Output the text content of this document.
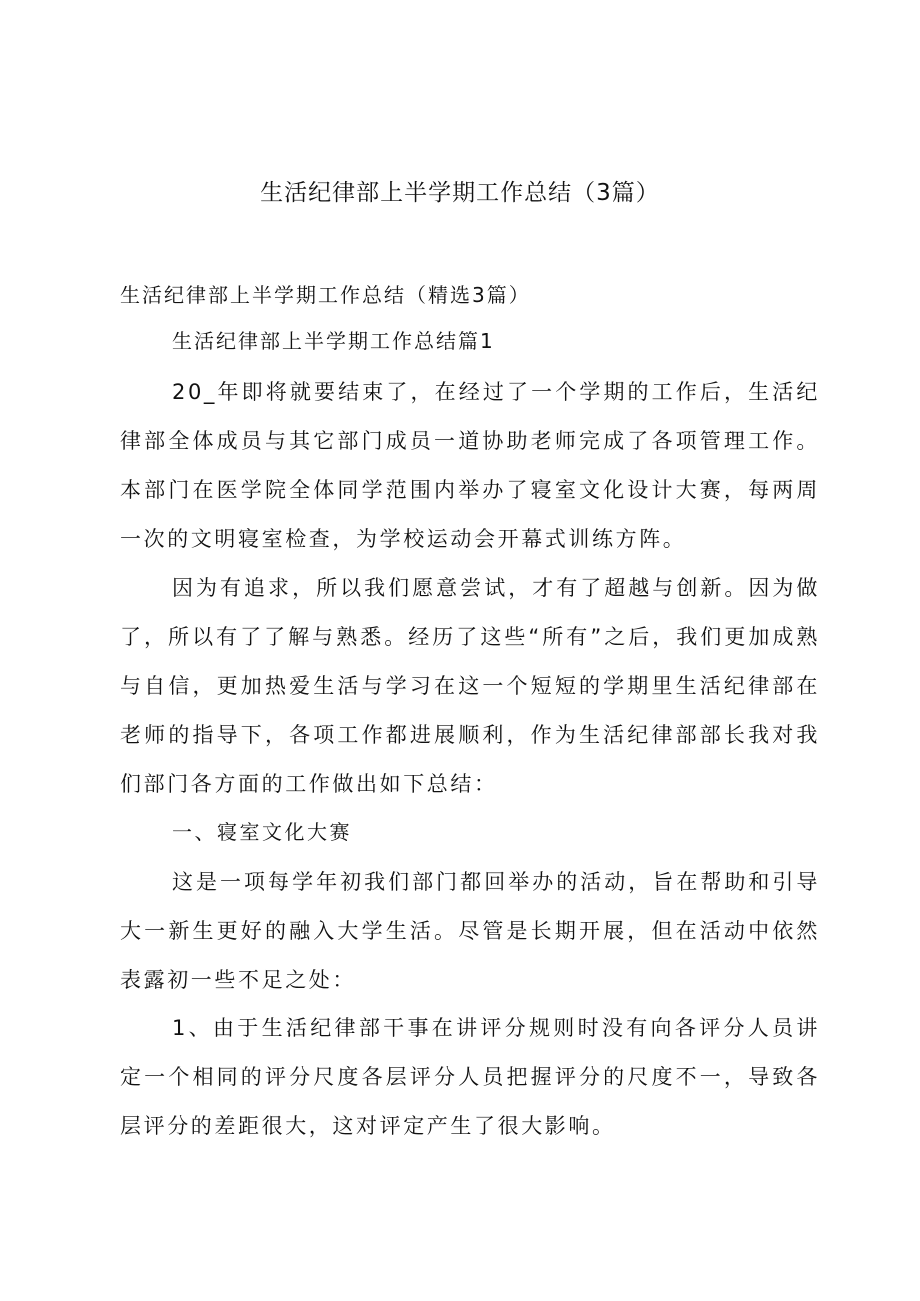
生活纪律部上半学期工作总结（3篇）
生活纪律部上半学期工作总结（精选3篇）
生活纪律部上半学期工作总结篇1

20_年即将就要结束了，在经过了一个学期的工作后，生活纪律部全体成员与其它部门成员一道协助老师完成了各项管理工作。本部门在医学院全体同学范围内举办了寝室文化设计大赛，每两周一次的文明寝室检查，为学校运动会开幕式训练方阵。

因为有追求，所以我们愿意尝试，才有了超越与创新。因为做了，所以有了了解与熟悉。经历了这些“所有”之后，我们更加成熟与自信，更加热爱生活与学习在这一个短短的学期里生活纪律部在老师的指导下，各项工作都进展顺利，作为生活纪律部部长我对我们部门各方面的工作做出如下总结：

一、寝室文化大赛

这是一项每学年初我们部门都回举办的活动，旨在帮助和引导大一新生更好的融入大学生活。尽管是长期开展，但在活动中依然表露初一些不足之处：

1、由于生活纪律部干事在讲评分规则时没有向各评分人员讲定一个相同的评分尺度各层评分人员把握评分的尺度不一，导致各层评分的差距很大，这对评定产生了很大影响。
